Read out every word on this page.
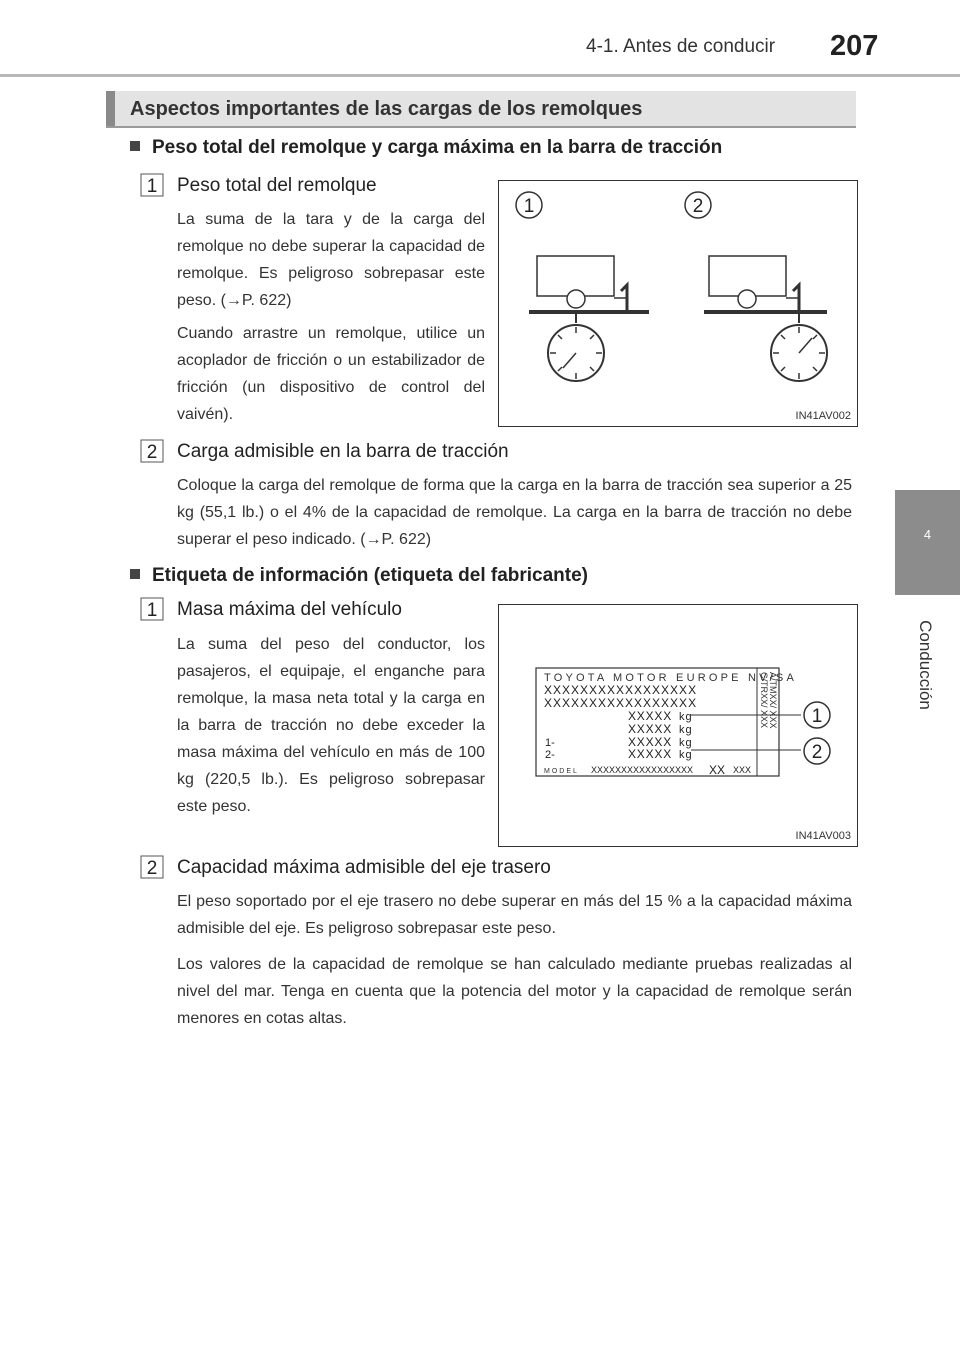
4-1. Antes de conducir 207
4
Conducción
Aspectos importantes de las cargas de los remolques
Peso total del remolque y carga máxima en la barra de tracción
1 Peso total del remolque
La suma de la tara y de la carga del remolque no debe superar la capacidad de remolque. Es peligroso sobrepasar este peso. (→P. 622)
Cuando arrastre un remolque, utilice un acoplador de fricción o un estabilizador de fricción (un dispositivo de control del vaivén).
1	2
IN41AV002
2 Carga admisible en la barra de tracción
Coloque la carga del remolque de forma que la carga en la barra de tracción sea superior a 25 kg (55,1 lb.) o el 4% de la capacidad de remolque. La carga en la barra de tracción no debe superar el peso indicado. (→P. 622)
Etiqueta de información (etiqueta del fabricante)
1 Masa máxima del vehículo
La suma del peso del conductor, los pasajeros, el equipaje, el enganche para remolque, la masa neta total y la carga en la barra de tracción no debe exceder la masa máxima del vehículo en más de 100 kg (220,5 lb.). Es peligroso sobrepasar este peso.
TOYOTA MOTOR EUROPE NV/SA
XXXXXXXXXXXXXXXXX
XXXXXXXXXXXXXXXXX
XXXXX kg
XXXXX kg
1-	XXXXX kg
2-	XXXXX kg
MODEL XXXXXXXXXXXXXXXXX XX XXX
C/TRXX/ XXX A/TMXX/ XXX 1
2
IN41AV003
2 Capacidad máxima admisible del eje trasero
El peso soportado por el eje trasero no debe superar en más del 15 % a la capacidad máxima admisible del eje. Es peligroso sobrepasar este peso.
Los valores de la capacidad de remolque se han calculado mediante pruebas realizadas al nivel del mar. Tenga en cuenta que la potencia del motor y la capacidad de remolque serán menores en cotas altas.
